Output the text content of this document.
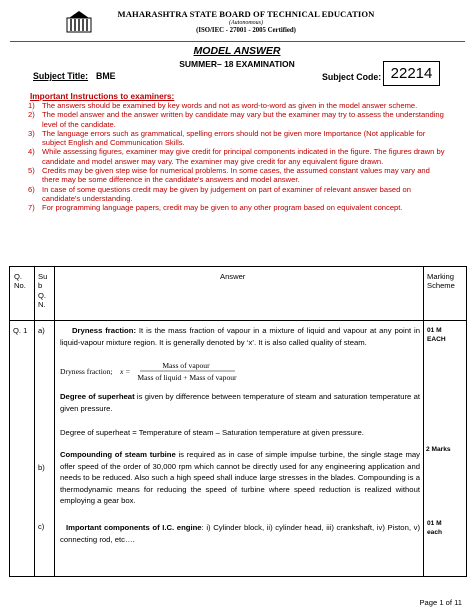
MAHARASHTRA STATE BOARD OF TECHNICAL EDUCATION
(Autonomous)
(ISO/IEC - 27001 - 2005 Certified)
MODEL ANSWER
SUMMER– 18 EXAMINATION
Subject Title: BME	Subject Code: 22214
Important Instructions to examiners:
1) The answers should be examined by key words and not as word-to-word as given in the model answer scheme.
2) The model answer and the answer written by candidate may vary but the examiner may try to assess the understanding level of the candidate.
3) The language errors such as grammatical, spelling errors should not be given more Importance (Not applicable for subject English and Communication Skills.
4) While assessing figures, examiner may give credit for principal components indicated in the figure. The figures drawn by candidate and model answer may vary. The examiner may give credit for any equivalent figure drawn.
5) Credits may be given step wise for numerical problems. In some cases, the assumed constant values may vary and there may be some difference in the candidate's answers and model answer.
6) In case of some questions credit may be given by judgement on part of examiner of relevant answer based on candidate's understanding.
7) For programming language papers, credit may be given to any other program based on equivalent concept.
Q.
No.
Su
b
Q.
N.
Answer	Marking
Scheme
Q. 1 a)
b)
c)
Dryness fraction: It is the mass fraction of vapour in a mixture of liquid and vapour at any point in liquid-vapour mixture region. It is generally denoted by ‘x’. It is also called quality of steam.
Dryness fraction; x =
Mass of vapour
Mass of liquid + Mass of vapour
Degree of superheat is given by difference between temperature of steam and saturation temperature at given pressure.
Degree of superheat = Temperature of steam – Saturation temperature at given pressure.
Compounding of steam turbine is required as in case of simple impulse turbine, the single stage may offer speed of the order of 30,000 rpm which cannot be directly used for any engineering application and needs to be reduced. Also such a high speed shall induce large stresses in the blades. Compounding is a thermodynamic means for reducing the speed of turbine where speed reduction is realized without employing a gear box.
Important components of I.C. engine: i) Cylinder block, ii) cylinder head, iii) crankshaft, iv) Piston, v) connecting rod, etc….
01 M
EACH
2 Marks
01 M
each
Page 1 of 11
